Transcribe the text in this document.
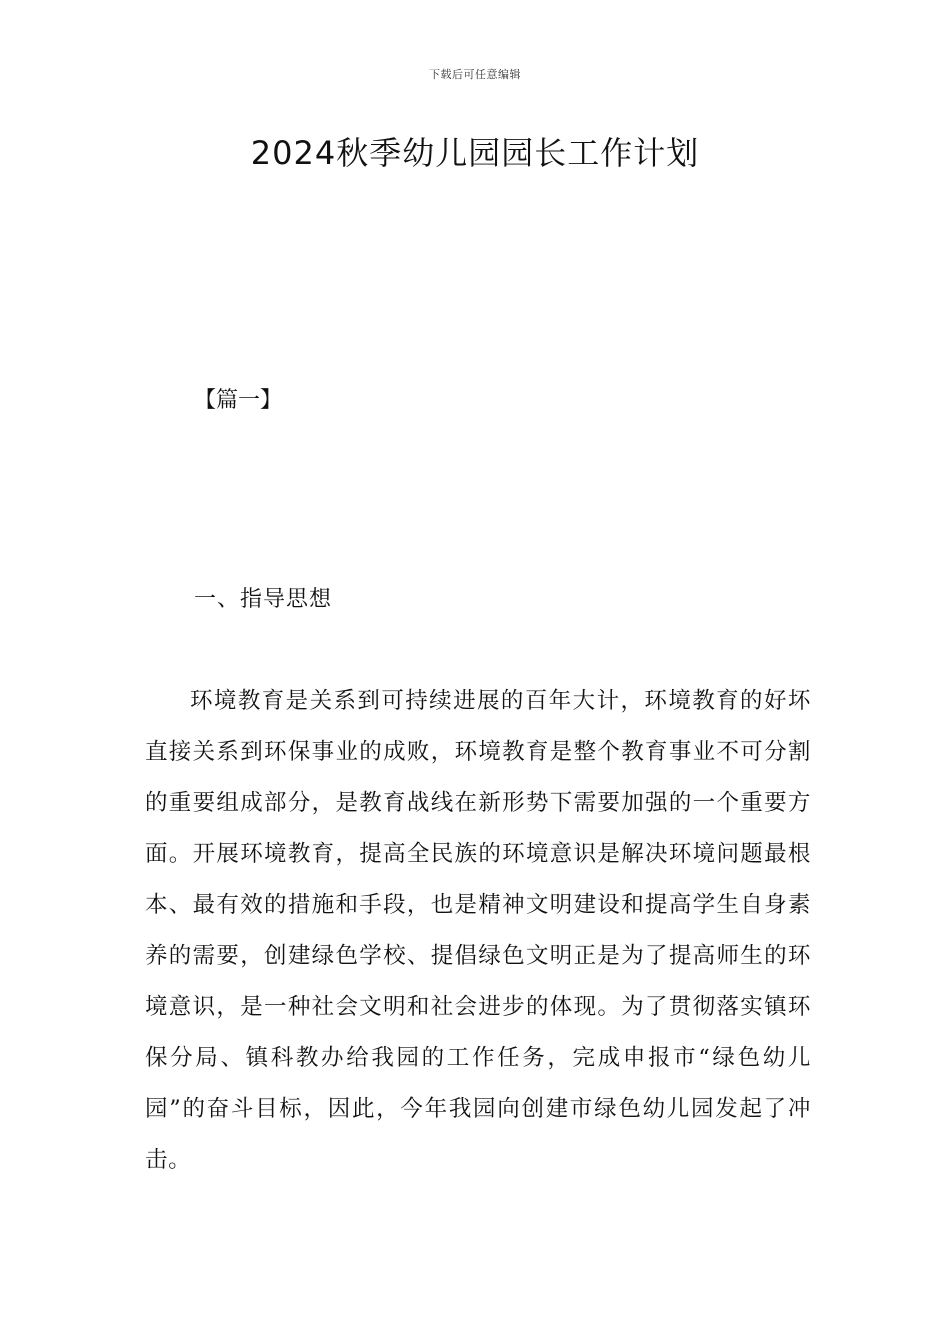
下载后可任意编辑
2024秋季幼儿园园长工作计划
【篇一】
一、指导思想

环境教育是关系到可持续进展的百年大计，环境教育的好坏直接关系到环保事业的成败，环境教育是整个教育事业不可分割的重要组成部分，是教育战线在新形势下需要加强的一个重要方面。开展环境教育，提高全民族的环境意识是解决环境问题最根本、最有效的措施和手段，也是精神文明建设和提高学生自身素养的需要，创建绿色学校、提倡绿色文明正是为了提高师生的环境意识，是一种社会文明和社会进步的体现。为了贯彻落实镇环保分局、镇科教办给我园的工作任务，完成申报市“绿色幼儿园”的奋斗目标，因此，今年我园向创建市绿色幼儿园发起了冲击。
